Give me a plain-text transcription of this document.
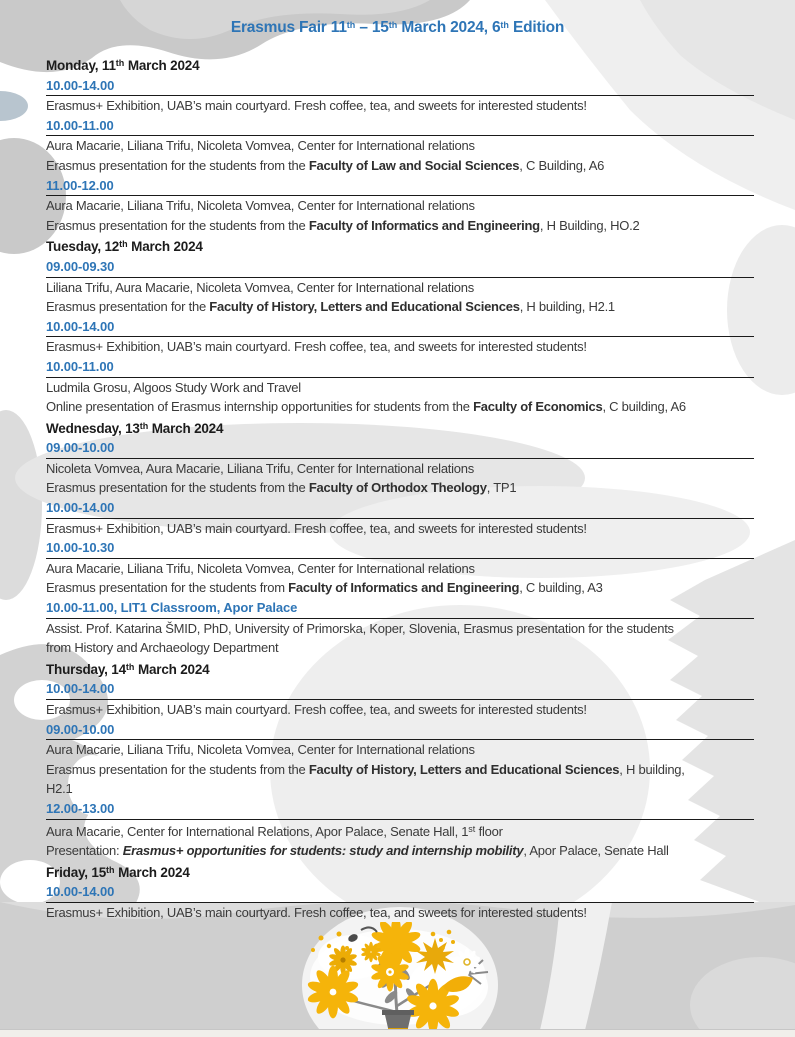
Erasmus Fair 11th – 15th March 2024, 6th Edition
Monday, 11th March 2024
10.00-14.00
Erasmus+ Exhibition, UAB’s main courtyard. Fresh coffee, tea, and sweets for interested students!
10.00-11.00
Aura Macarie, Liliana Trifu, Nicoleta Vomvea, Center for International relations
Erasmus presentation for the students from the Faculty of Law and Social Sciences, C Building, A6
11.00-12.00
Aura Macarie, Liliana Trifu, Nicoleta Vomvea, Center for International relations
Erasmus presentation for the students from the Faculty of Informatics and Engineering, H Building, HO.2
Tuesday, 12th March 2024
09.00-09.30
Liliana Trifu, Aura Macarie, Nicoleta Vomvea, Center for International relations
Erasmus presentation for the Faculty of History, Letters and Educational Sciences, H building, H2.1
10.00-14.00
Erasmus+ Exhibition, UAB’s main courtyard. Fresh coffee, tea, and sweets for interested students!
10.00-11.00
Ludmila Grosu, Algoos Study Work and Travel
Online presentation of Erasmus internship opportunities for students from the Faculty of Economics, C building, A6
Wednesday, 13th March 2024
09.00-10.00
Nicoleta Vomvea, Aura Macarie, Liliana Trifu, Center for International relations
Erasmus presentation for the students from the Faculty of Orthodox Theology, TP1
10.00-14.00
Erasmus+ Exhibition, UAB’s main courtyard. Fresh coffee, tea, and sweets for interested students!
10.00-10.30
Aura Macarie, Liliana Trifu, Nicoleta Vomvea, Center for International relations
Erasmus presentation for the students from Faculty of Informatics and Engineering, C building, A3
10.00-11.00, LIT1 Classroom, Apor Palace
Assist. Prof. Katarina ŠMID, PhD, University of Primorska, Koper, Slovenia, Erasmus presentation for the students
from History and Archaeology Department
Thursday, 14th March 2024
10.00-14.00
Erasmus+ Exhibition, UAB’s main courtyard. Fresh coffee, tea, and sweets for interested students!
09.00-10.00
Aura Macarie, Liliana Trifu, Nicoleta Vomvea, Center for International relations
Erasmus presentation for the students from the Faculty of History, Letters and Educational Sciences, H building,
H2.1
12.00-13.00
Aura Macarie, Center for International Relations, Apor Palace, Senate Hall, 1st floor
Presentation: Erasmus+ opportunities for students: study and internship mobility, Apor Palace, Senate Hall
Friday, 15th March 2024
10.00-14.00
Erasmus+ Exhibition, UAB’s main courtyard. Fresh coffee, tea, and sweets for interested students!
